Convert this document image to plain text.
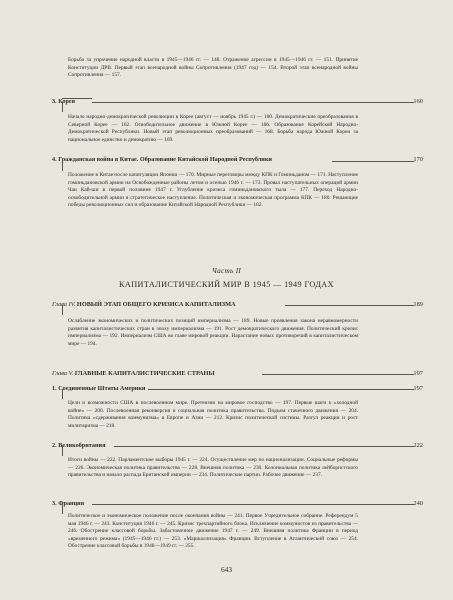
Борьба за упрочение народной власти в 1945—1946 гг. — 148. Отражение агрессии в 1945—1946 гг. — 151. Принятие Конституции ДРВ. Первый этап всенародной войны Сопротивления (1947 год) — 154. Второй этап всенародной войны Сопротивления — 157.

3. Корея	160

Начало народно-демократической революции в Корее (август — ноябрь 1945 г.) — 160. Демократические преобразования в Северной Корее — 162. Освободительное движение в Южной Корее — 166. Образование Корейской Народно-Демократической Республики. Новый этап революционных преобразований — 168. Борьба народа Южной Кореи за национальное единство и демократию — 169.

4. Гражданская война в Китае. Образование Китайской Народной Республики	170

Положение в Китае после капитуляции Японии — 170. Мирные переговоры между КПК и Гоминьданом — 171. Наступление гоминьдановской армии на Освобожденные районы летом и осенью 1946 г. — 173. Провал наступательных операций армии Чан Кай-ши в первой половине 1947 г. Углубление кризиса гоминьдановского тыла — 177. Переход Народно-освободительной армии в стратегическое наступление. Политическая и экономическая программа КПК — 180. Решающие победы революционных сил и образование Китайской Народной Республики — 182.

Часть II
КАПИТАЛИСТИЧЕСКИЙ МИР В 1945 — 1949 ГОДАХ
Глава IV. НОВЫЙ ЭТАП ОБЩЕГО КРИЗИСА КАПИТАЛИЗМА	189

Ослабление экономических и политических позиций империализма — 189. Новые проявления закона неравномерности развития капиталистических стран в эпоху империализма — 191. Рост демократического движения. Политический кризис империализма — 192. Империализм США во главе мировой реакции. Нарастание новых противоречий в капиталистическом мире — 194.

Глава V. ГЛАВНЫЕ КАПИТАЛИСТИЧЕСКИЕ СТРАНЫ	197
1. Соединенные Штаты Америки	197

Цели и возможности США в послевоенном мире. Претензии на мировое господство — 197. Первые шаги к «холодной войне» — 200. Послевоенная реконверсия и социальная политика правительства. Подъем стачечного движения — 204. Политика «сдерживания коммунизма» в Европе и Азии — 212. Кризис политической системы. Разгул реакции и рост милитаризма — 218.

2. Великобритания	222

Итоги войны — 222. Парламентские выборы 1945 г. — 224. Осуществление мер по национализации. Социальные реформы — 226. Экономическая политика правительства — 228. Внешняя политика — 230. Колониальная политика лейбористского правительства и начало распада Британской империи — 234. Политические партии. Рабочее движение — 237.

3. Франция	240

Политическое и экономическое положение после окончания войны — 241. Первое Учредительное собрание. Референдум 5 мая 1946 г. — 243. Конституция 1946 г. — 245. Кризис трехпартийного блока. Исключение коммунистов из правительства — 246. Обострение классовой борьбы. Забастовочное движение 1947 г. — 249. Внешняя политика Франции в период «временного режима» (1945—1946 гг.) — 253. «Маршаллизация» Франции. Вступление в Атлантический союз — 254. Обострение классовой борьбы в 1948—1949 гг. — 255.

643
